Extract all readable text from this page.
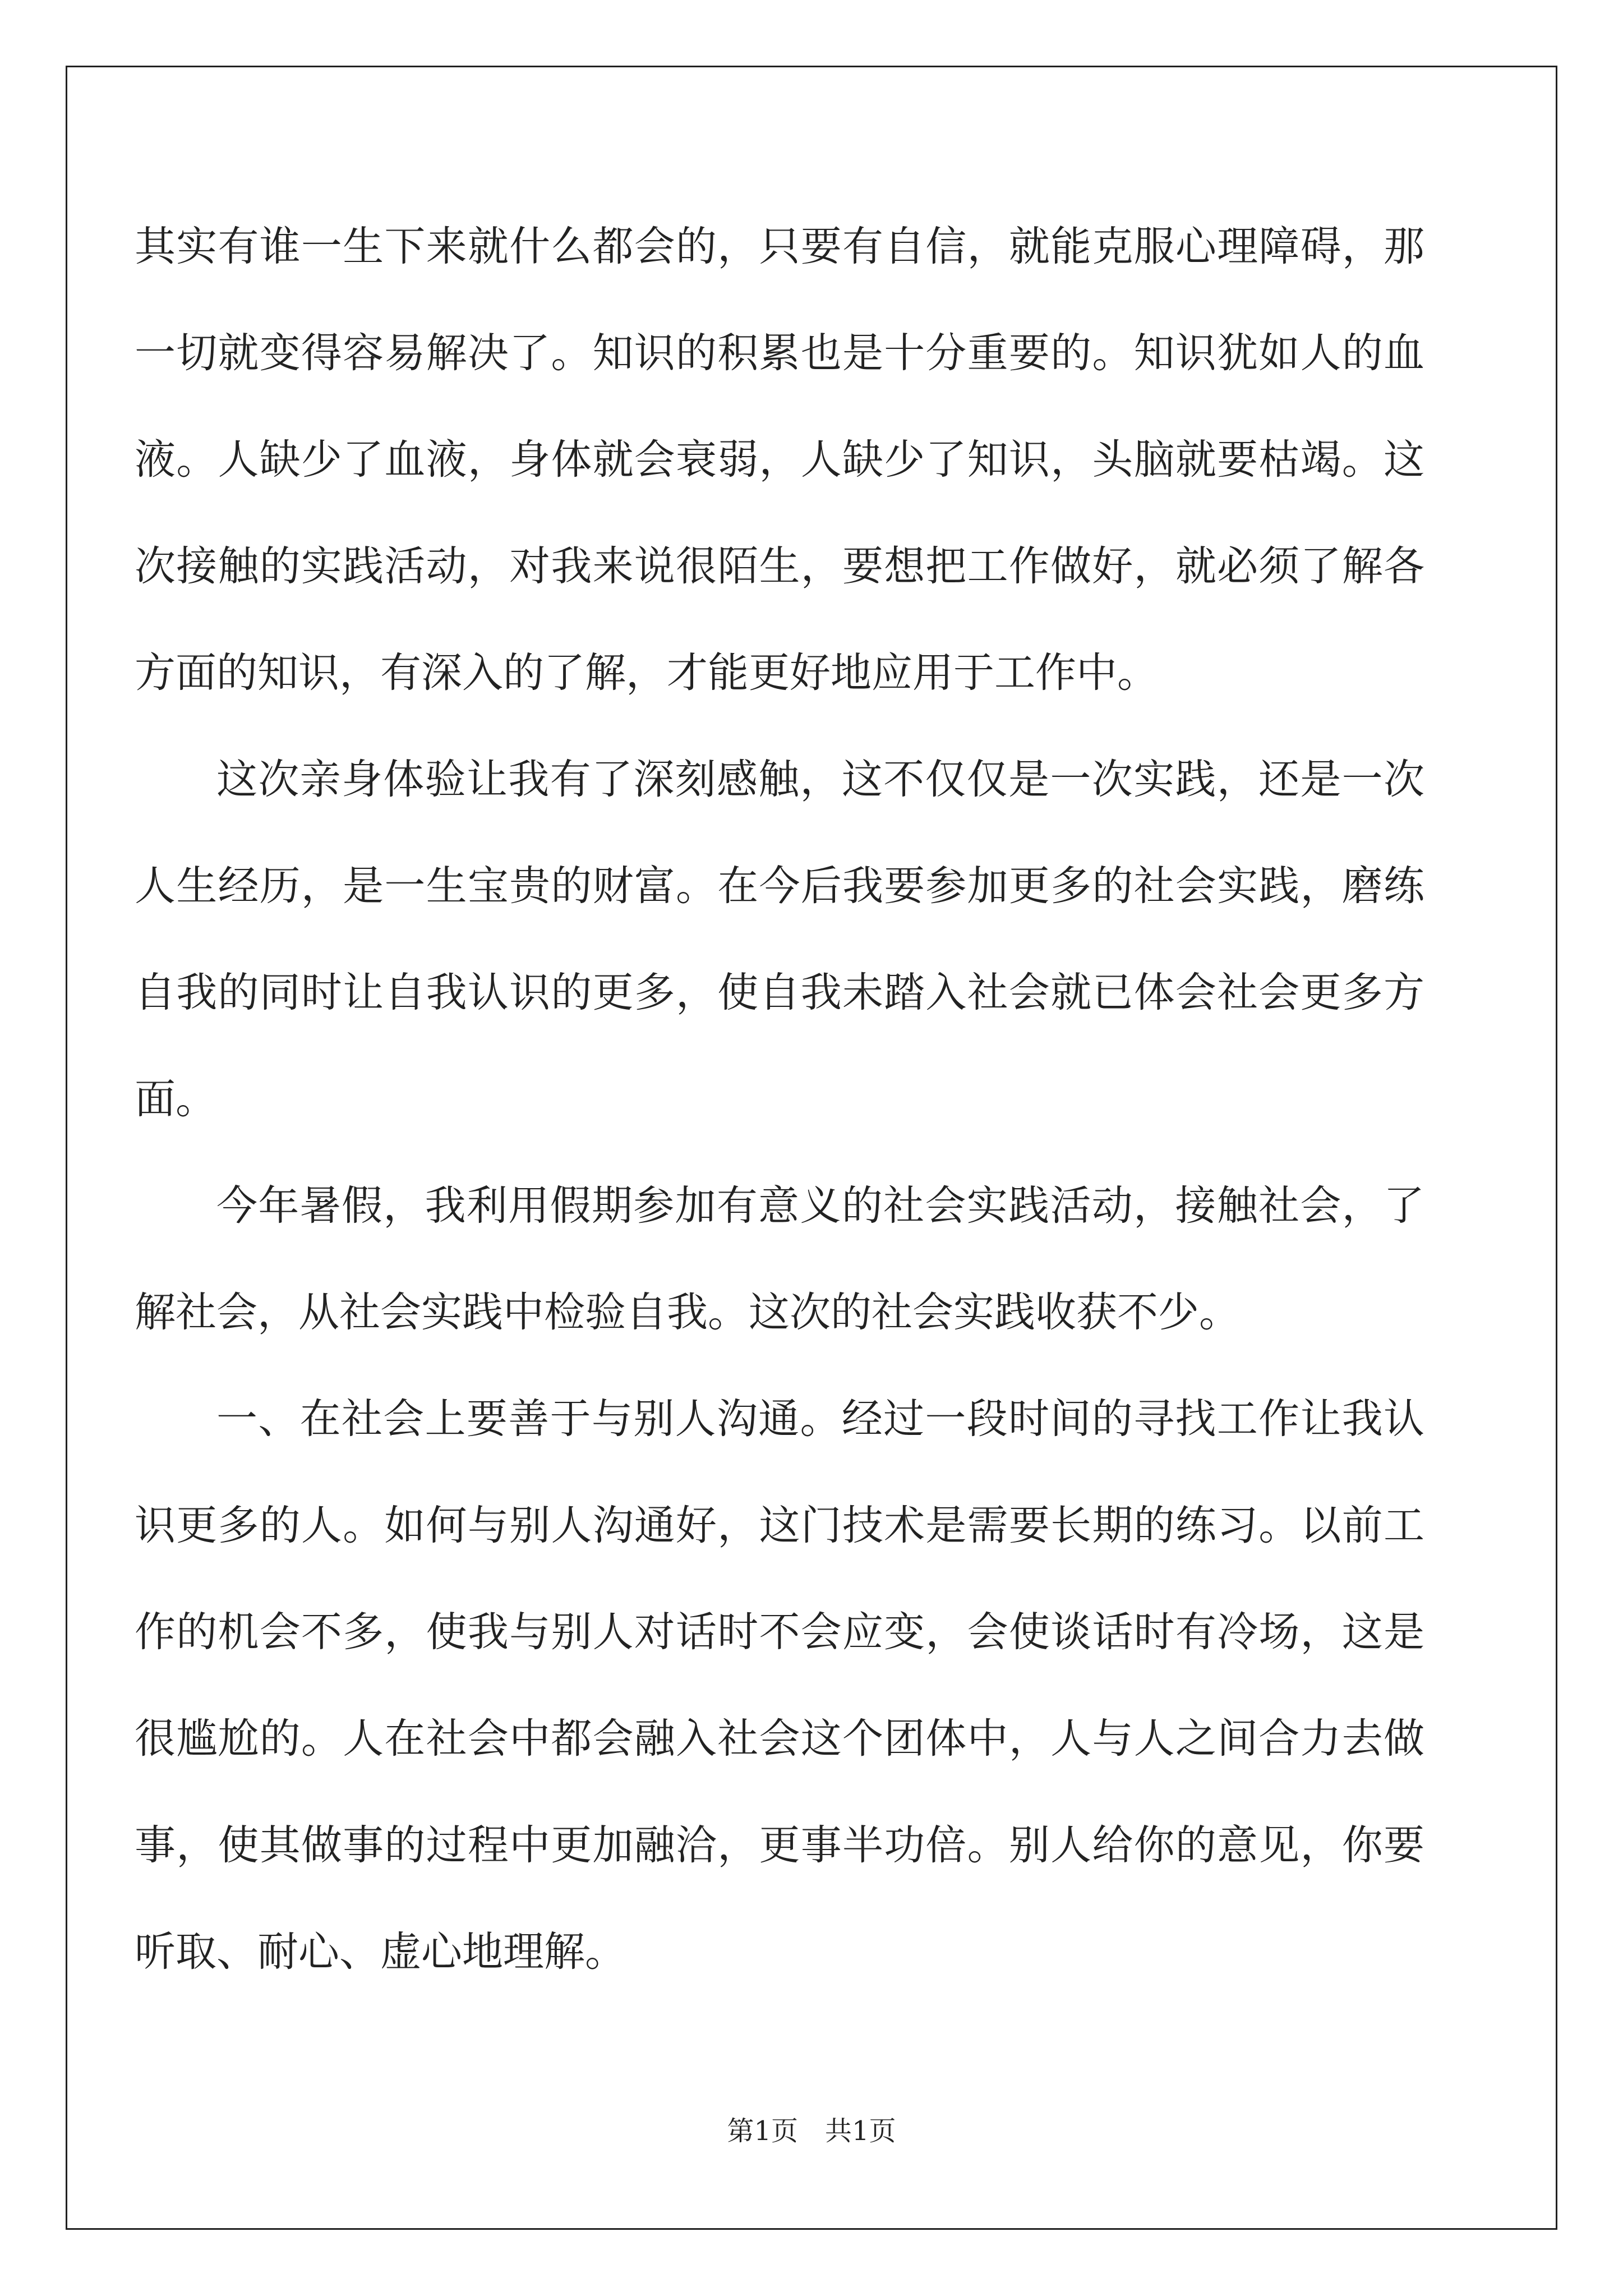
其实有谁一生下来就什么都会的，只要有自信，就能克服心理障碍，那一切就变得容易解决了。知识的积累也是十分重要的。知识犹如人的血液。人缺少了血液，身体就会衰弱，人缺少了知识，头脑就要枯竭。这次接触的实践活动，对我来说很陌生，要想把工作做好，就必须了解各方面的知识，有深入的了解，才能更好地应用于工作中。

这次亲身体验让我有了深刻感触，这不仅仅是一次实践，还是一次人生经历，是一生宝贵的财富。在今后我要参加更多的社会实践，磨练自我的同时让自我认识的更多，使自我未踏入社会就已体会社会更多方面。

今年暑假，我利用假期参加有意义的社会实践活动，接触社会，了解社会，从社会实践中检验自我。这次的社会实践收获不少。

一、在社会上要善于与别人沟通。经过一段时间的寻找工作让我认识更多的人。如何与别人沟通好，这门技术是需要长期的练习。以前工作的机会不多，使我与别人对话时不会应变，会使谈话时有冷场，这是很尴尬的。人在社会中都会融入社会这个团体中，人与人之间合力去做事，使其做事的过程中更加融洽，更事半功倍。别人给你的意见，你要听取、耐心、虚心地理解。

第1页　共1页
